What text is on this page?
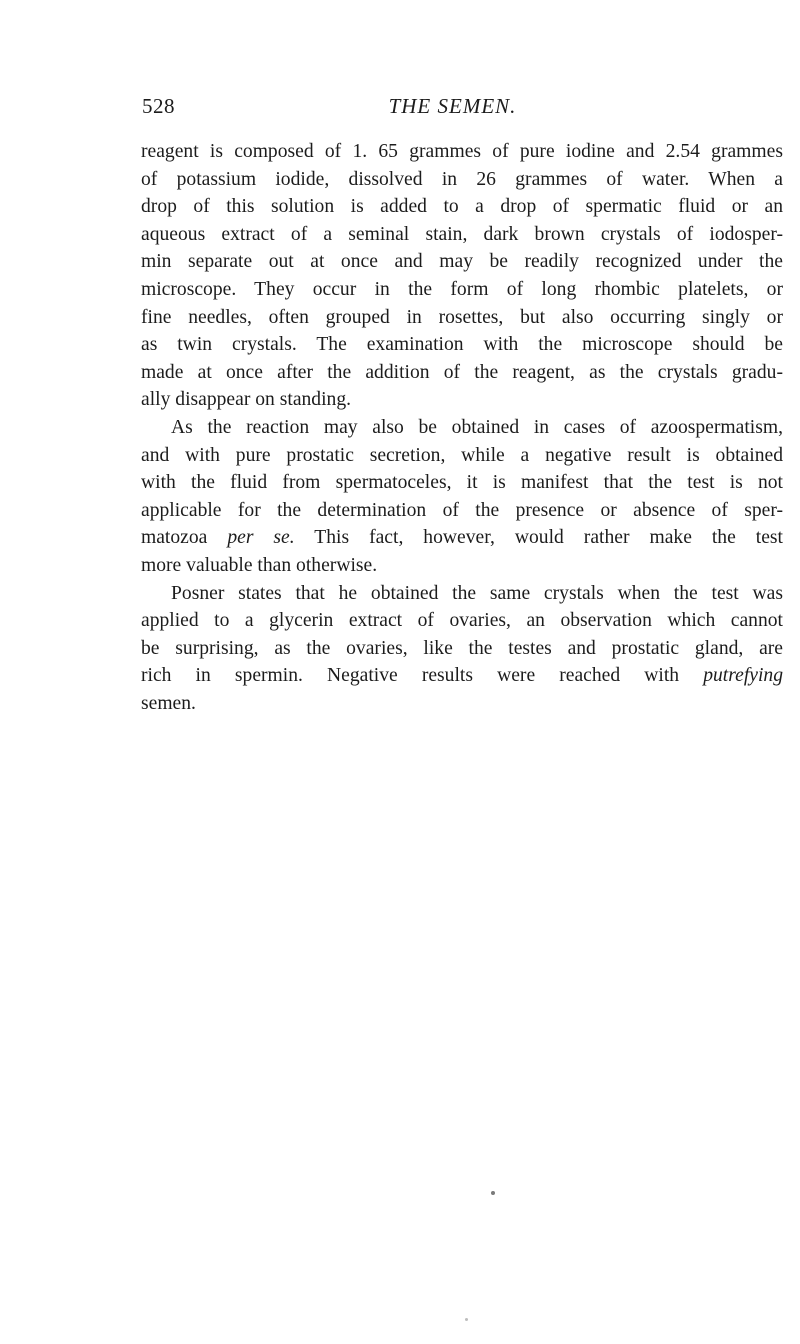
528	THE SEMEN.
reagent is composed of 1. 65 grammes of pure iodine and 2.54 grammes
of potassium iodide, dissolved in 26 grammes of water. When a
drop of this solution is added to a drop of spermatic fluid or an
aqueous extract of a seminal stain, dark brown crystals of iodosper-
min separate out at once and may be readily recognized under the
microscope. They occur in the form of long rhombic platelets, or
fine needles, often grouped in rosettes, but also occurring singly or
as twin crystals. The examination with the microscope should be
made at once after the addition of the reagent, as the crystals gradu-
ally disappear on standing.
As the reaction may also be obtained in cases of azoospermatism,
and with pure prostatic secretion, while a negative result is obtained
with the fluid from spermatoceles, it is manifest that the test is not
applicable for the determination of the presence or absence of sper-
matozoa per se. This fact, however, would rather make the test
more valuable than otherwise.
Posner states that he obtained the same crystals when the test was
applied to a glycerin extract of ovaries, an observation which cannot
be surprising, as the ovaries, like the testes and prostatic gland, are
rich in spermin. Negative results were reached with putrefying
semen.
